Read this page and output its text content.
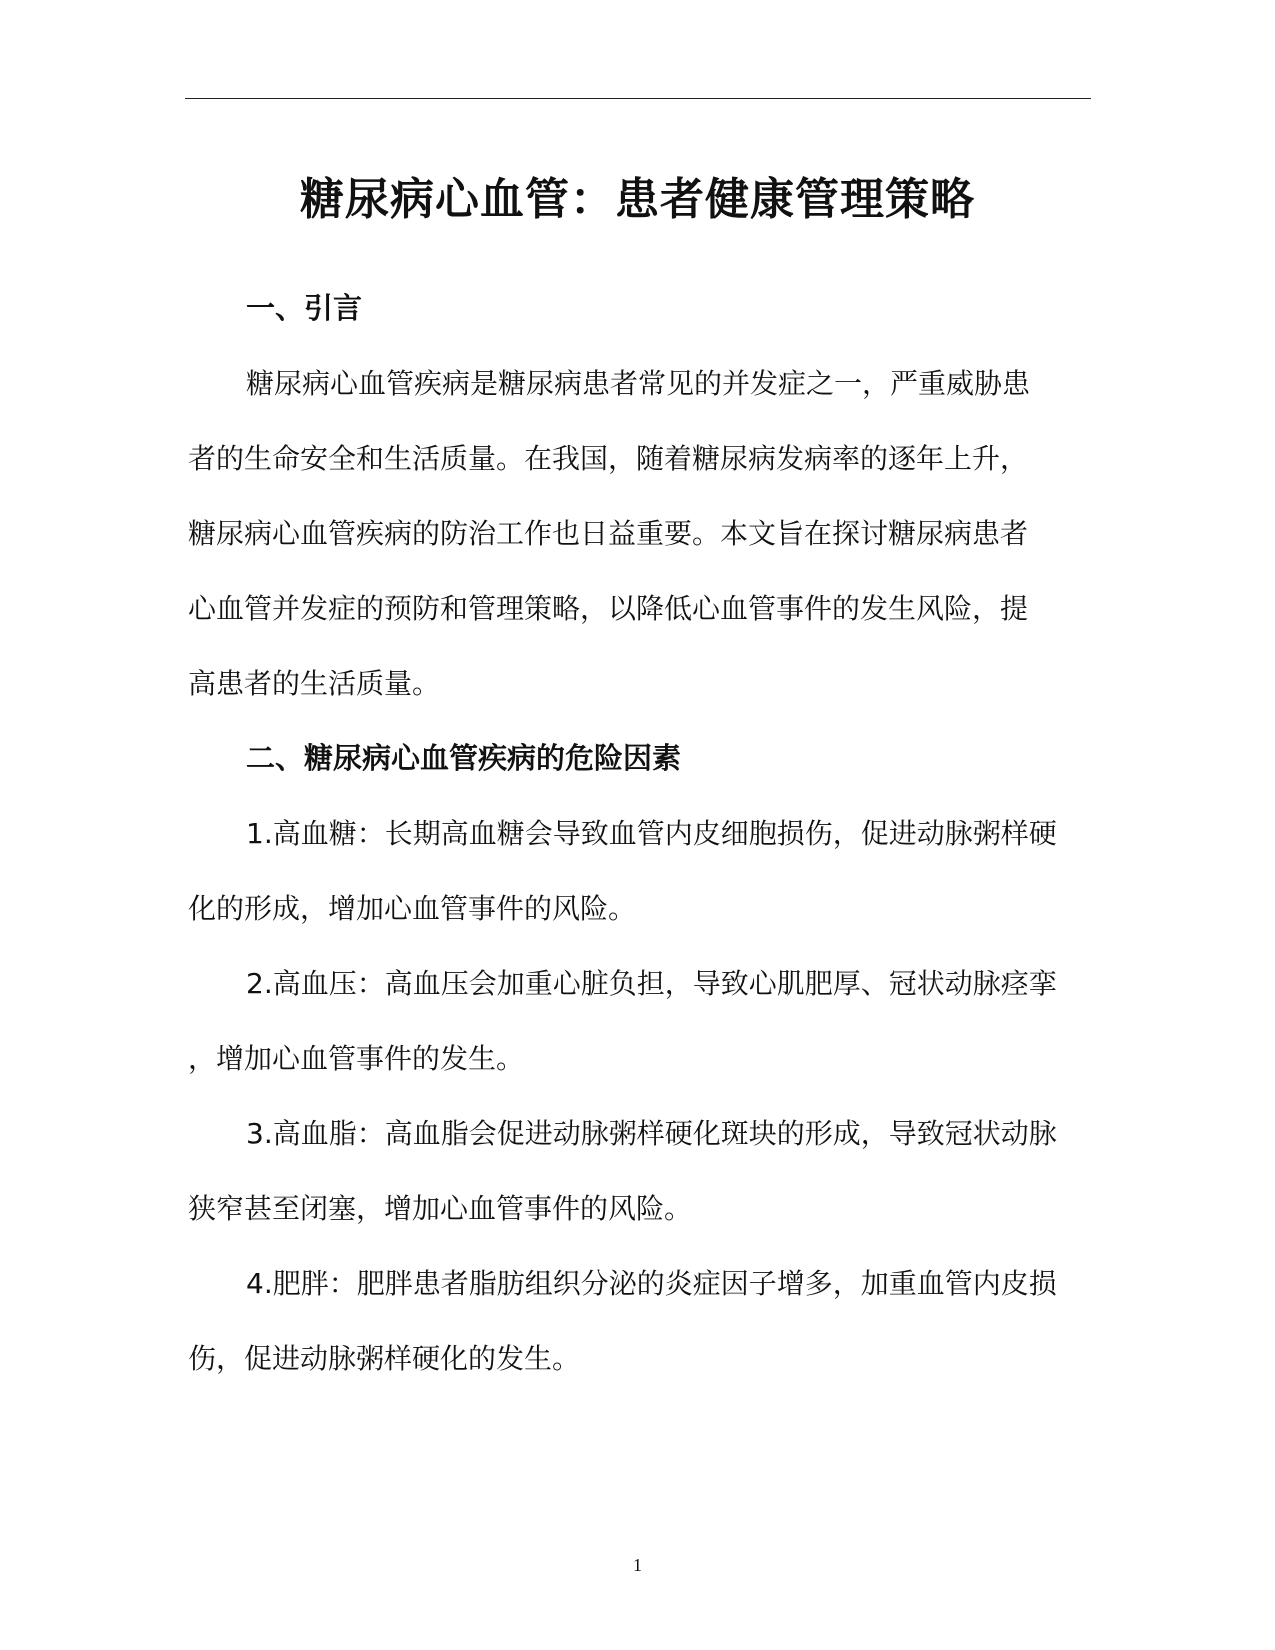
糖尿病心血管：患者健康管理策略
一、引言

糖尿病心血管疾病是糖尿病患者常见的并发症之一，严重威胁患
者的生命安全和生活质量。在我国，随着糖尿病发病率的逐年上升，
糖尿病心血管疾病的防治工作也日益重要。本文旨在探讨糖尿病患者
心血管并发症的预防和管理策略，以降低心血管事件的发生风险，提
高患者的生活质量。

二、糖尿病心血管疾病的危险因素

1.高血糖：长期高血糖会导致血管内皮细胞损伤，促进动脉粥样硬
化的形成，增加心血管事件的风险。

2.高血压：高血压会加重心脏负担，导致心肌肥厚、冠状动脉痉挛
，增加心血管事件的发生。

3.高血脂：高血脂会促进动脉粥样硬化斑块的形成，导致冠状动脉
狭窄甚至闭塞，增加心血管事件的风险。

4.肥胖：肥胖患者脂肪组织分泌的炎症因子增多，加重血管内皮损
伤，促进动脉粥样硬化的发生。

1
